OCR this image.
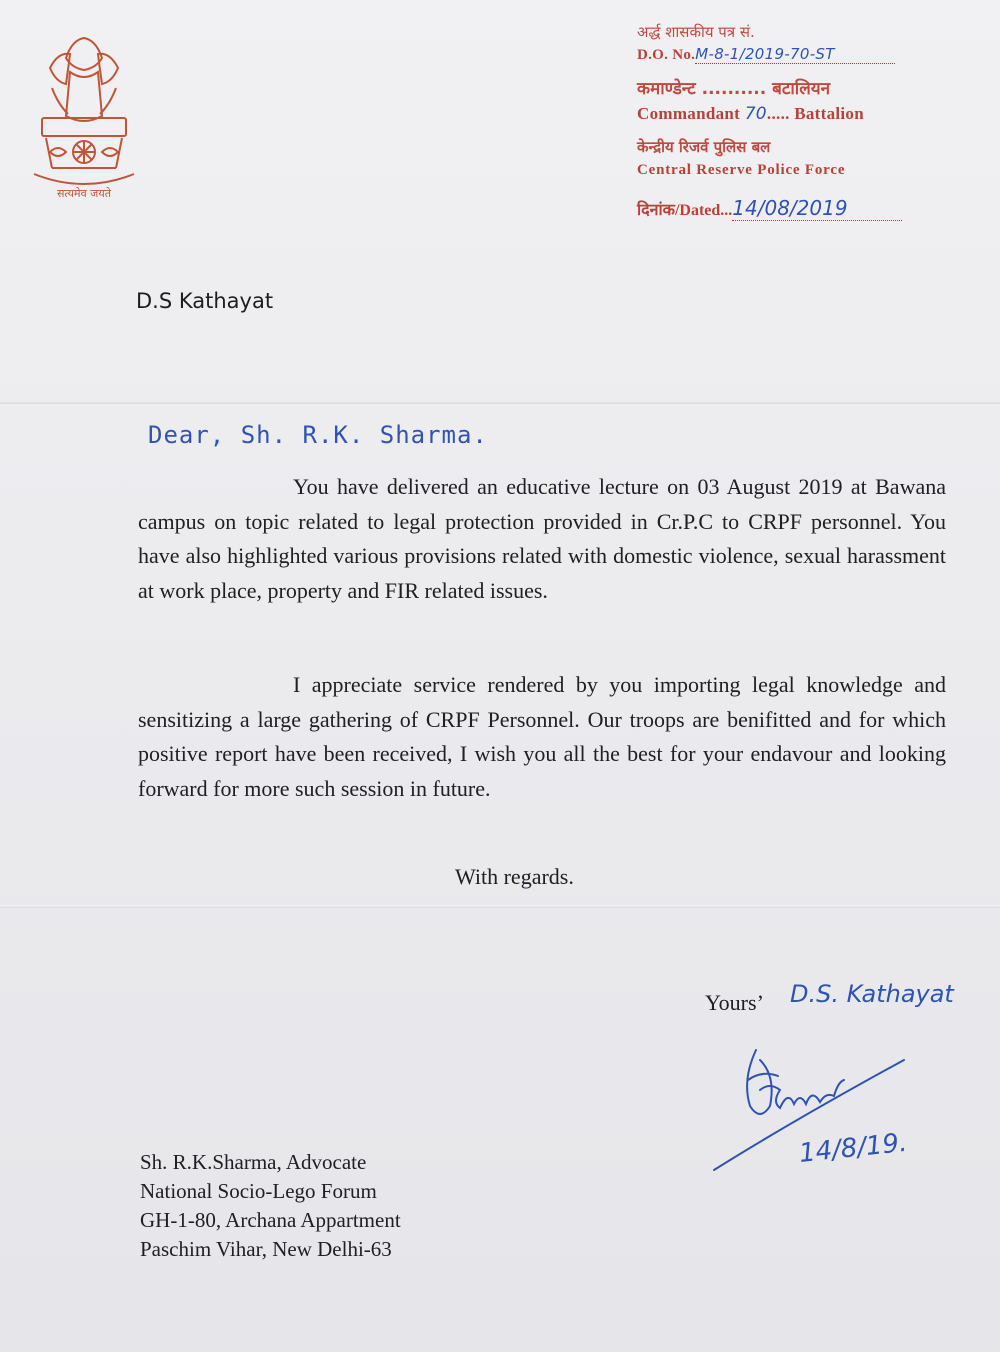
सत्यमेव जयते
अर्द्ध शासकीय पत्र सं.
D.O. No.M-8-1/2019-70-ST
कमाण्डेन्ट .......... बटालियन
Commandant 70..... Battalion
केन्द्रीय रिजर्व पुलिस बल
Central Reserve Police Force
दिनांक/Dated...14/08/2019
D.S Kathayat
Dear, Sh. R.K. Sharma.
You have delivered an educative lecture on 03 August 2019 at Bawana campus on topic related to legal protection provided in Cr.P.C to CRPF personnel. You have also highlighted various provisions related with domestic violence, sexual harassment at work place, property and FIR related issues.
I appreciate service rendered by you importing legal knowledge and sensitizing a large gathering of CRPF Personnel. Our troops are benifitted and for which positive report have been received, I wish you all the best for your endavour and looking forward for more such session in future.
With regards.
Yours’ D.S. Kathayat
14/8/19.
Sh. R.K.Sharma, Advocate
National Socio-Lego Forum
GH-1-80, Archana Appartment
Paschim Vihar, New Delhi-63
